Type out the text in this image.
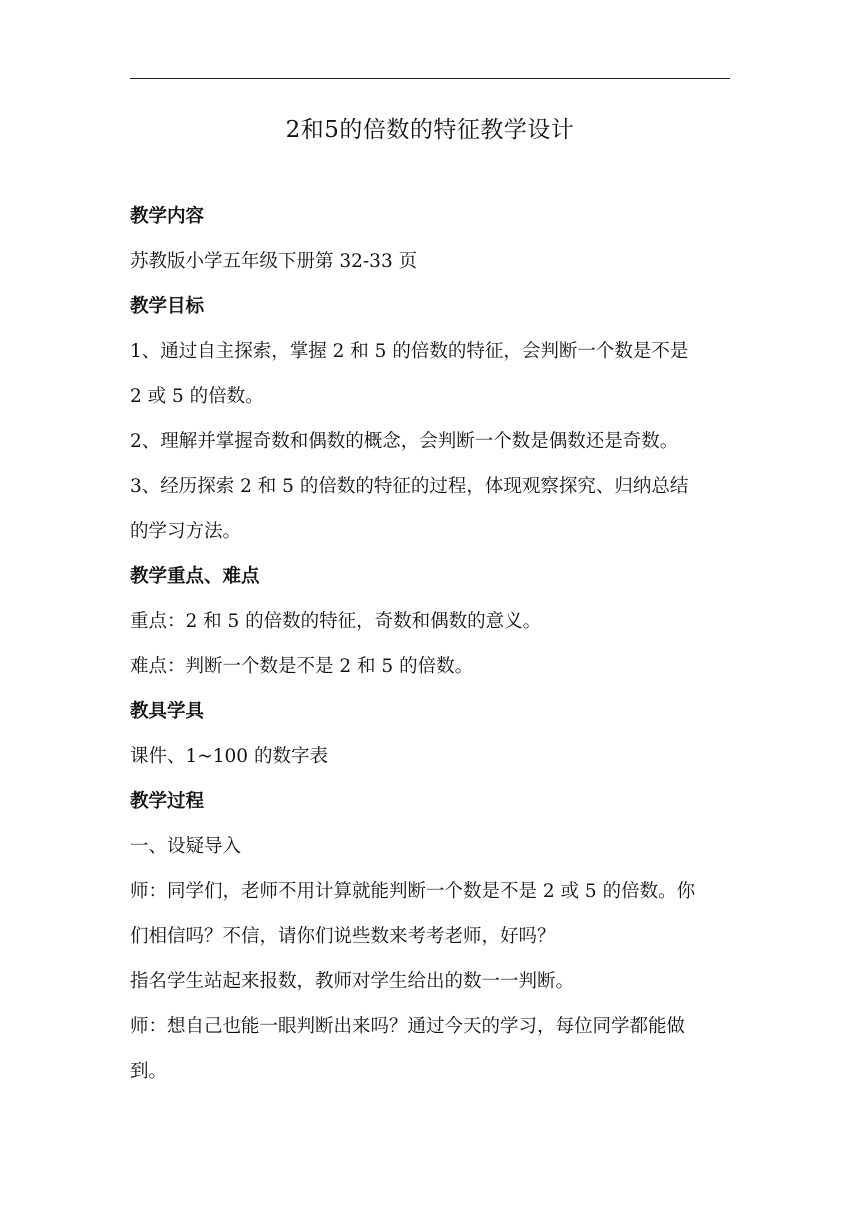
2和5的倍数的特征教学设计

教学内容

苏教版小学五年级下册第 32-33 页

教学目标

1、通过自主探索，掌握 2 和 5 的倍数的特征，会判断一个数是不是

2 或 5 的倍数。

2、理解并掌握奇数和偶数的概念，会判断一个数是偶数还是奇数。

3、经历探索 2 和 5 的倍数的特征的过程，体现观察探究、归纳总结

的学习方法。

教学重点、难点

重点：2 和 5 的倍数的特征，奇数和偶数的意义。

难点：判断一个数是不是 2 和 5 的倍数。

教具学具

课件、1~100 的数字表

教学过程

一、设疑导入

师：同学们，老师不用计算就能判断一个数是不是 2 或 5 的倍数。你

们相信吗？不信，请你们说些数来考考老师，好吗？

指名学生站起来报数，教师对学生给出的数一一判断。

师：想自己也能一眼判断出来吗？通过今天的学习，每位同学都能做

到。
